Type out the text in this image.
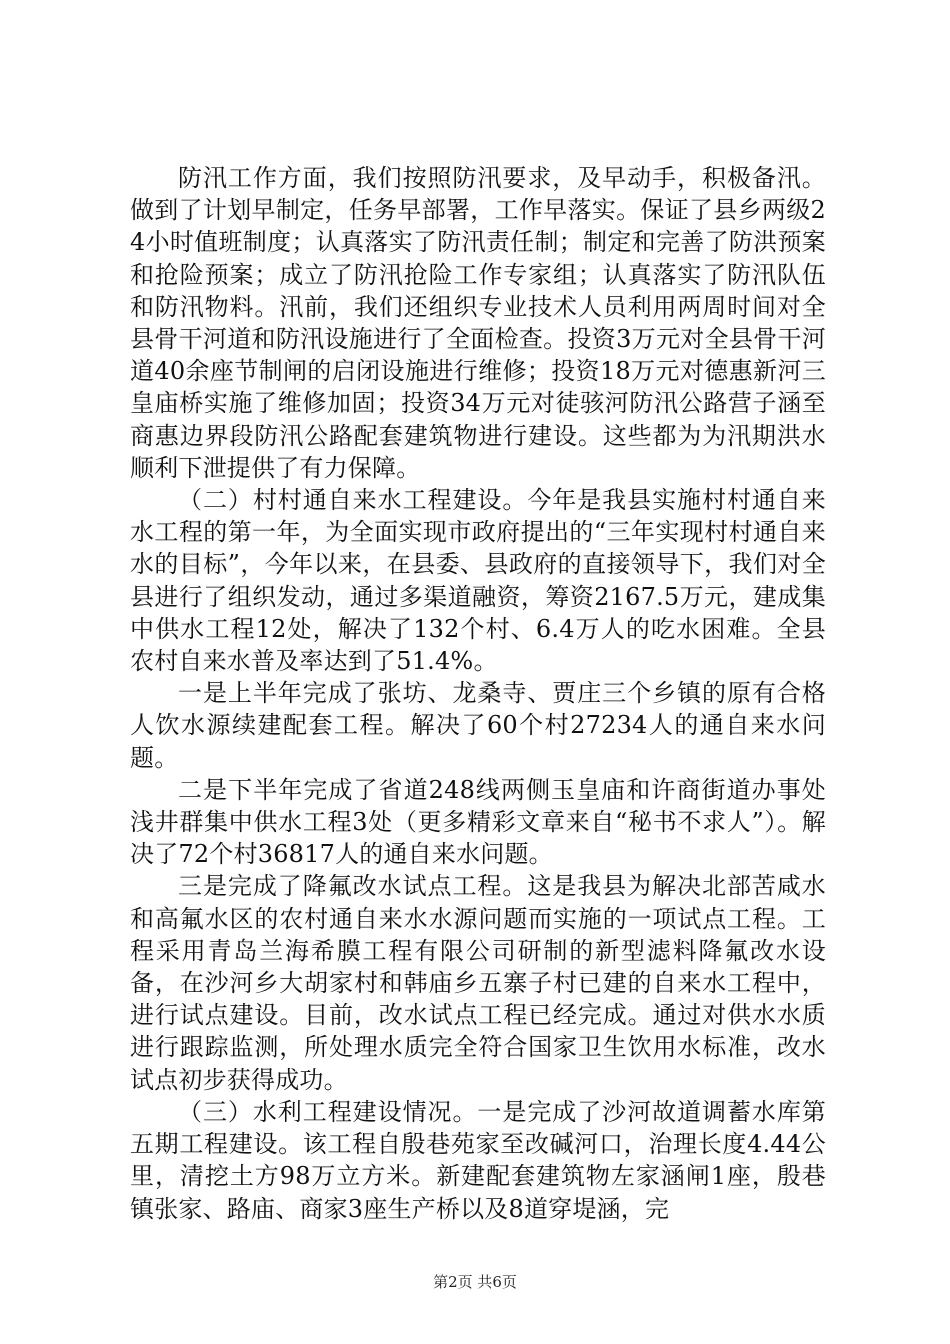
防汛工作方面，我们按照防汛要求，及早动手，积极备汛。做到了计划早制定，任务早部署，工作早落实。保证了县乡两级24小时值班制度；认真落实了防汛责任制；制定和完善了防洪预案和抢险预案；成立了防汛抢险工作专家组；认真落实了防汛队伍和防汛物料。汛前，我们还组织专业技术人员利用两周时间对全县骨干河道和防汛设施进行了全面检查。投资3万元对全县骨干河道40余座节制闸的启闭设施进行维修；投资18万元对德惠新河三皇庙桥实施了维修加固；投资34万元对徒骇河防汛公路营子涵至商惠边界段防汛公路配套建筑物进行建设。这些都为为汛期洪水顺利下泄提供了有力保障。

（二）村村通自来水工程建设。今年是我县实施村村通自来水工程的第一年，为全面实现市政府提出的“三年实现村村通自来水的目标”，今年以来，在县委、县政府的直接领导下，我们对全县进行了组织发动，通过多渠道融资，筹资2167.5万元，建成集中供水工程12处，解决了132个村、6.4万人的吃水困难。全县农村自来水普及率达到了51.4%。

一是上半年完成了张坊、龙桑寺、贾庄三个乡镇的原有合格人饮水源续建配套工程。解决了60个村27234人的通自来水问题。

二是下半年完成了省道248线两侧玉皇庙和许商街道办事处浅井群集中供水工程3处（更多精彩文章来自“秘书不求人”）。解决了72个村36817人的通自来水问题。

三是完成了降氟改水试点工程。这是我县为解决北部苦咸水和高氟水区的农村通自来水水源问题而实施的一项试点工程。工程采用青岛兰海希膜工程有限公司研制的新型滤料降氟改水设备，在沙河乡大胡家村和韩庙乡五寨子村已建的自来水工程中，进行试点建设。目前，改水试点工程已经完成。通过对供水水质进行跟踪监测，所处理水质完全符合国家卫生饮用水标准，改水试点初步获得成功。

（三）水利工程建设情况。一是完成了沙河故道调蓄水库第五期工程建设。该工程自殷巷苑家至改碱河口，治理长度4.44公里，清挖土方98万立方米。新建配套建筑物左家涵闸1座，殷巷镇张家、路庙、商家3座生产桥以及8道穿堤涵，完

第2页 共6页
